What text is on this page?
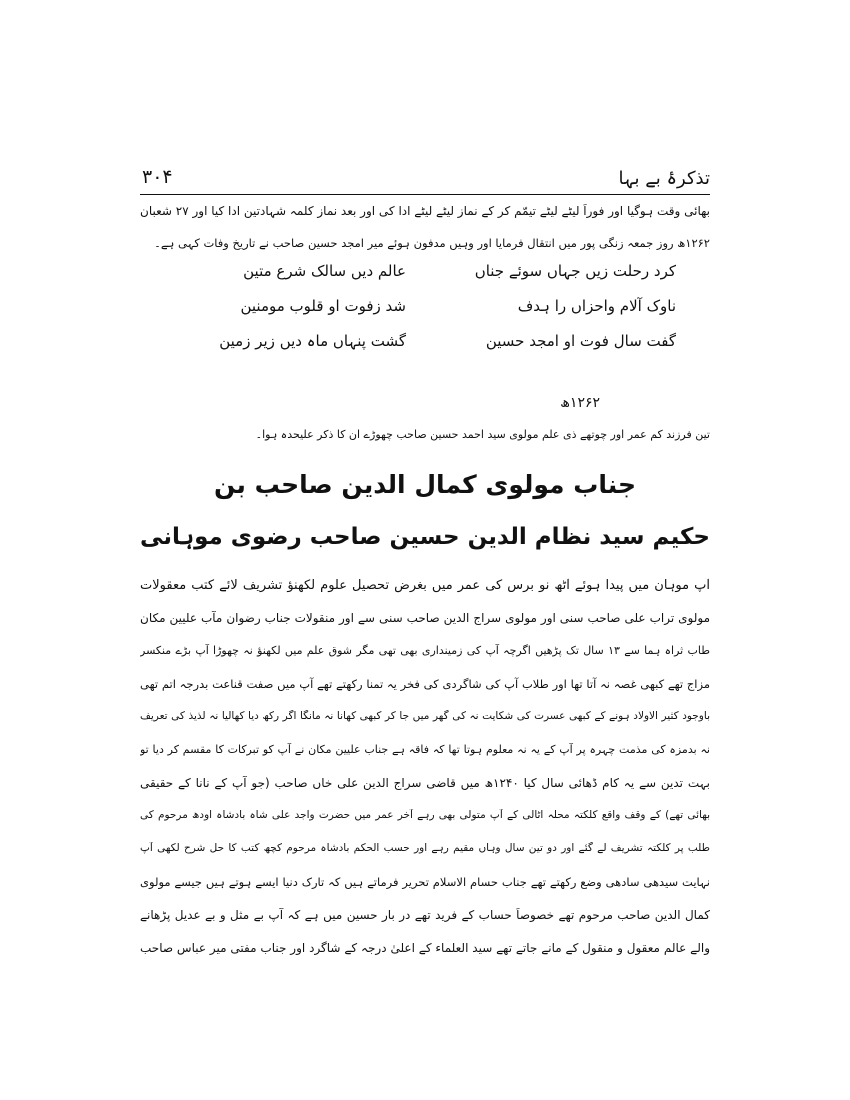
تذکرۂ بے بہا
۳۰۴
بھائی وقت ہوگیا اور فوراً لیٹے لیٹے تیمّم کر کے نماز لیٹے لیٹے ادا کی اور بعد نماز کلمہ شہادتین ادا کیا اور ۲۷ شعبان
۱۲۶۲ھ روز جمعہ زنگی پور میں انتقال فرمایا اور وہیں مدفون ہوئے میر امجد حسین صاحب نے تاریخ وفات کہی ہے۔
کرد رحلت زیں جہاں سوئے جناں
عالم دیں سالک شرع متین
ناوک آلام واحزاں را ہدف
شد زفوت او قلوب مومنین
گفت سال فوت او امجد حسین
گشت پنہاں ماہ دیں زیر زمین
۱۲۶۲ھ
تین فرزند کم عمر اور چوتھے ذی علم مولوی سید احمد حسین صاحب چھوڑے ان کا ذکر علیحدہ ہوا۔
جناب مولوی کمال الدین صاحب بن
حکیم سید نظام الدین حسین صاحب رضوی موہانی
آپ موہان میں پیدا ہوئے آٹھ نو برس کی عمر میں بغرض تحصیل علوم لکھنؤ تشریف لائے کتب معقولات
مولوی تراب علی صاحب سنی اور مولوی سراج الدین صاحب سنی سے اور منقولات جناب رضوان مآب علیین مکان
طاب ثراہ ہما سے ۱۳ سال تک پڑھیں اگرچہ آپ کی زمینداری بھی تھی مگر شوق علم میں لکھنؤ نہ چھوڑا آپ بڑے منکسر
مزاج تھے کبھی غصہ نہ آتا تھا اور طلاب آپ کی شاگردی کی فخر یہ تمنا رکھتے تھے آپ میں صفت قناعت بدرجہ اتم تھی
باوجود کثیر الاولاد ہونے کے کبھی عسرت کی شکایت نہ کی گھر میں جا کر کبھی کھانا نہ مانگا اگر رکھ دیا کھالیا نہ لذیذ کی تعریف
نہ بدمزہ کی مذمت چہرہ پر آپ کے یہ نہ معلوم ہوتا تھا کہ فاقہ ہے جناب علیین مکان نے آپ کو تبرکات کا مقسم کر دیا تو
بہت تدین سے یہ کام ڈھائی سال کیا ۱۲۴۰ھ میں قاضی سراج الدین علی خاں صاحب (جو آپ کے نانا کے حقیقی
بھائی تھے) کے وقف واقع کلکتہ محلہ اٹالی کے آپ متولی بھی رہے آخر عمر میں حضرت واجد علی شاہ بادشاہ اودھ مرحوم کی
طلب پر کلکتہ تشریف لے گئے اور دو تین سال وہاں مقیم رہے اور حسب الحکم بادشاہ مرحوم کچھ کتب کا حل شرح لکھی آپ
نہایت سیدھی سادھی وضع رکھتے تھے جناب حسام الاسلام تحریر فرماتے ہیں کہ تارک دنیا ایسے ہوتے ہیں جیسے مولوی
کمال الدین صاحب مرحوم تھے خصوصاً حساب کے فرید تھے در بار حسین میں ہے کہ آپ بے مثل و بے عدیل پڑھانے
والے عالم معقول و منقول کے مانے جاتے تھے سید العلماء کے اعلیٰ درجہ کے شاگرد اور جناب مفتی میر عباس صاحب
